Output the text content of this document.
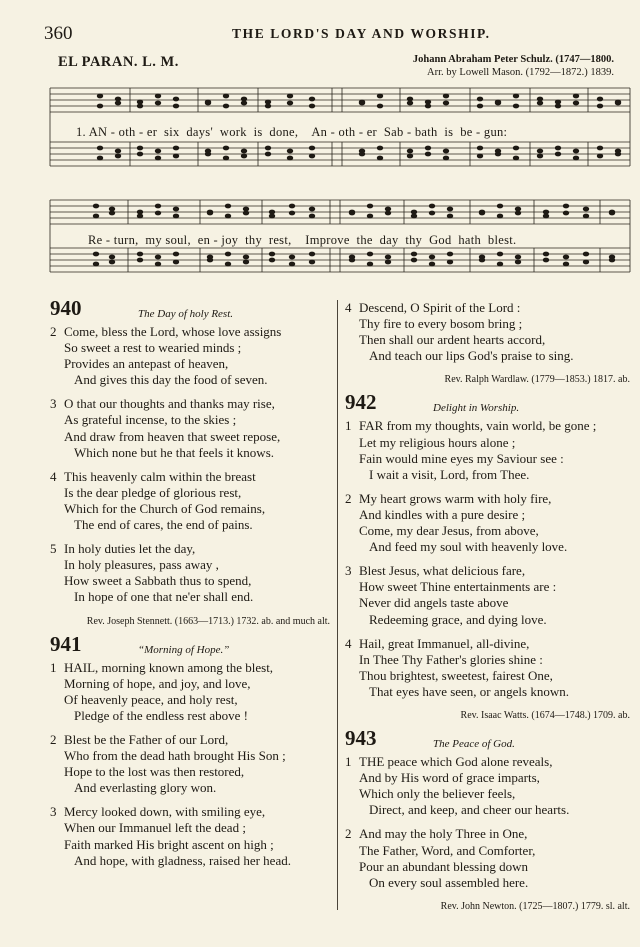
360	THE LORD'S DAY AND WORSHIP.
EL PARAN. L. M.	Johann Abraham Peter Schulz. (1747—1800.
Arr. by Lowell Mason. (1792—1872.) 1839.
1. AN - oth - er  six  days'  work  is  done,    An - oth - er  Sab - bath  is  be - gun:
Re - turn,  my soul,  en - joy  thy  rest,    Improve  the  day  thy  God  hath  blest.
940	The Day of holy Rest.
2 Come, bless the Lord, whose love assigns
So sweet a rest to wearied minds ;
Provides an antepast of heaven,
And gives this day the food of seven.
3 O that our thoughts and thanks may rise,
As grateful incense, to the skies ;
And draw from heaven that sweet repose,
Which none but he that feels it knows.
4 This heavenly calm within the breast
Is the dear pledge of glorious rest,
Which for the Church of God remains,
The end of cares, the end of pains.
5 In holy duties let the day,
In holy pleasures, pass away ,
How sweet a Sabbath thus to spend,
In hope of one that ne'er shall end.
Rev. Joseph Stennett. (1663—1713.) 1732. ab. and much alt.
941	“Morning of Hope.”
1 HAIL, morning known among the blest,
Morning of hope, and joy, and love,
Of heavenly peace, and holy rest,
Pledge of the endless rest above !
2 Blest be the Father of our Lord,
Who from the dead hath brought His Son ;
Hope to the lost was then restored,
And everlasting glory won.
3 Mercy looked down, with smiling eye,
When our Immanuel left the dead ;
Faith marked His bright ascent on high ;
And hope, with gladness, raised her head.
4 Descend, O Spirit of the Lord :
Thy fire to every bosom bring ;
Then shall our ardent hearts accord,
And teach our lips God's praise to sing.
Rev. Ralph Wardlaw. (1779—1853.) 1817. ab.
942	Delight in Worship.
1 FAR from my thoughts, vain world, be gone ;
Let my religious hours alone ;
Fain would mine eyes my Saviour see :
I wait a visit, Lord, from Thee.
2 My heart grows warm with holy fire,
And kindles with a pure desire ;
Come, my dear Jesus, from above,
And feed my soul with heavenly love.
3 Blest Jesus, what delicious fare,
How sweet Thine entertainments are :
Never did angels taste above
Redeeming grace, and dying love.
4 Hail, great Immanuel, all-divine,
In Thee Thy Father's glories shine :
Thou brightest, sweetest, fairest One,
That eyes have seen, or angels known.
Rev. Isaac Watts. (1674—1748.) 1709. ab.
943	The Peace of God.
1 THE peace which God alone reveals,
And by His word of grace imparts,
Which only the believer feels,
Direct, and keep, and cheer our hearts.
2 And may the holy Three in One,
The Father, Word, and Comforter,
Pour an abundant blessing down
On every soul assembled here.
Rev. John Newton. (1725—1807.) 1779. sl. alt.
